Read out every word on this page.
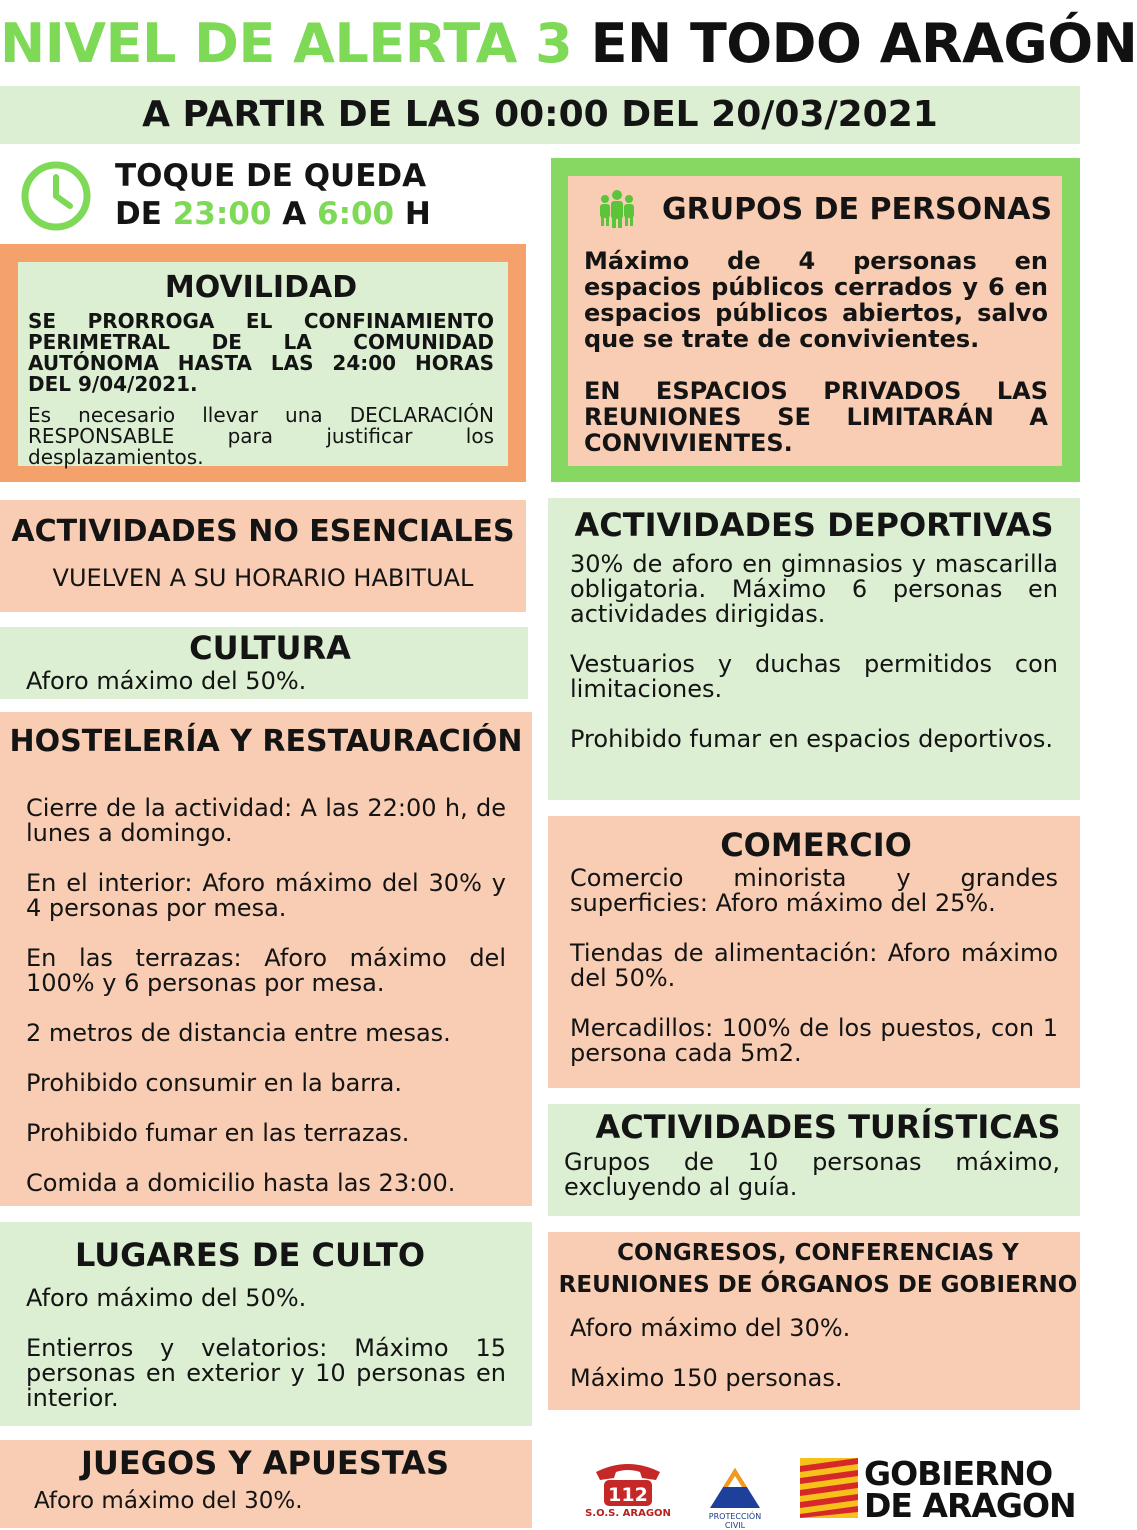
NIVEL DE ALERTA 3 EN TODO ARAGÓN
A PARTIR DE LAS 00:00 DEL 20/03/2021
TOQUE DE QUEDA
DE 23:00 A 6:00 H
MOVILIDAD
SE PRORROGA EL CONFINAMIENTO PERIMETRAL DE LA COMUNIDAD AUTÓNOMA HASTA LAS 24:00 HORAS DEL 9/04/2021.
Es necesario llevar una DECLARACIÓN RESPONSABLE para justificar los desplazamientos.
GRUPOS DE PERSONAS
Máximo de 4 personas en espacios públicos cerrados y 6 en espacios públicos abiertos, salvo que se trate de convivientes.
EN ESPACIOS PRIVADOS LAS REUNIONES SE LIMITARÁN A CONVIVIENTES.
ACTIVIDADES NO ESENCIALES
VUELVEN A SU HORARIO HABITUAL
CULTURA
Aforo máximo del 50%.
HOSTELERÍA Y RESTAURACIÓN
Cierre de la actividad: A las 22:00 h, de lunes a domingo.
En el interior: Aforo máximo del 30% y 4 personas por mesa.
En las terrazas: Aforo máximo del 100% y 6 personas por mesa.
2 metros de distancia entre mesas.
Prohibido consumir en la barra.
Prohibido fumar en las terrazas.
Comida a domicilio hasta las 23:00.
LUGARES DE CULTO
Aforo máximo del 50%.
Entierros y velatorios: Máximo 15 personas en exterior y 10 personas en interior.
JUEGOS Y APUESTAS
Aforo máximo del 30%.
ACTIVIDADES DEPORTIVAS
30% de aforo en gimnasios y mascarilla obligatoria. Máximo 6 personas en actividades dirigidas.
Vestuarios y duchas permitidos con limitaciones.
Prohibido fumar en espacios deportivos.
COMERCIO
Comercio minorista y grandes superficies: Aforo máximo del 25%.
Tiendas de alimentación: Aforo máximo del 50%.
Mercadillos: 100% de los puestos, con 1 persona cada 5m2.
ACTIVIDADES TURÍSTICAS
Grupos de 10 personas máximo, excluyendo al guía.
CONGRESOS, CONFERENCIAS Y
REUNIONES DE ÓRGANOS DE GOBIERNO
Aforo máximo del 30%.
Máximo 150 personas.
112
S.O.S. ARAGON	PROTECCIÓN CIVIL
GOBIERNO
DE ARAGON
